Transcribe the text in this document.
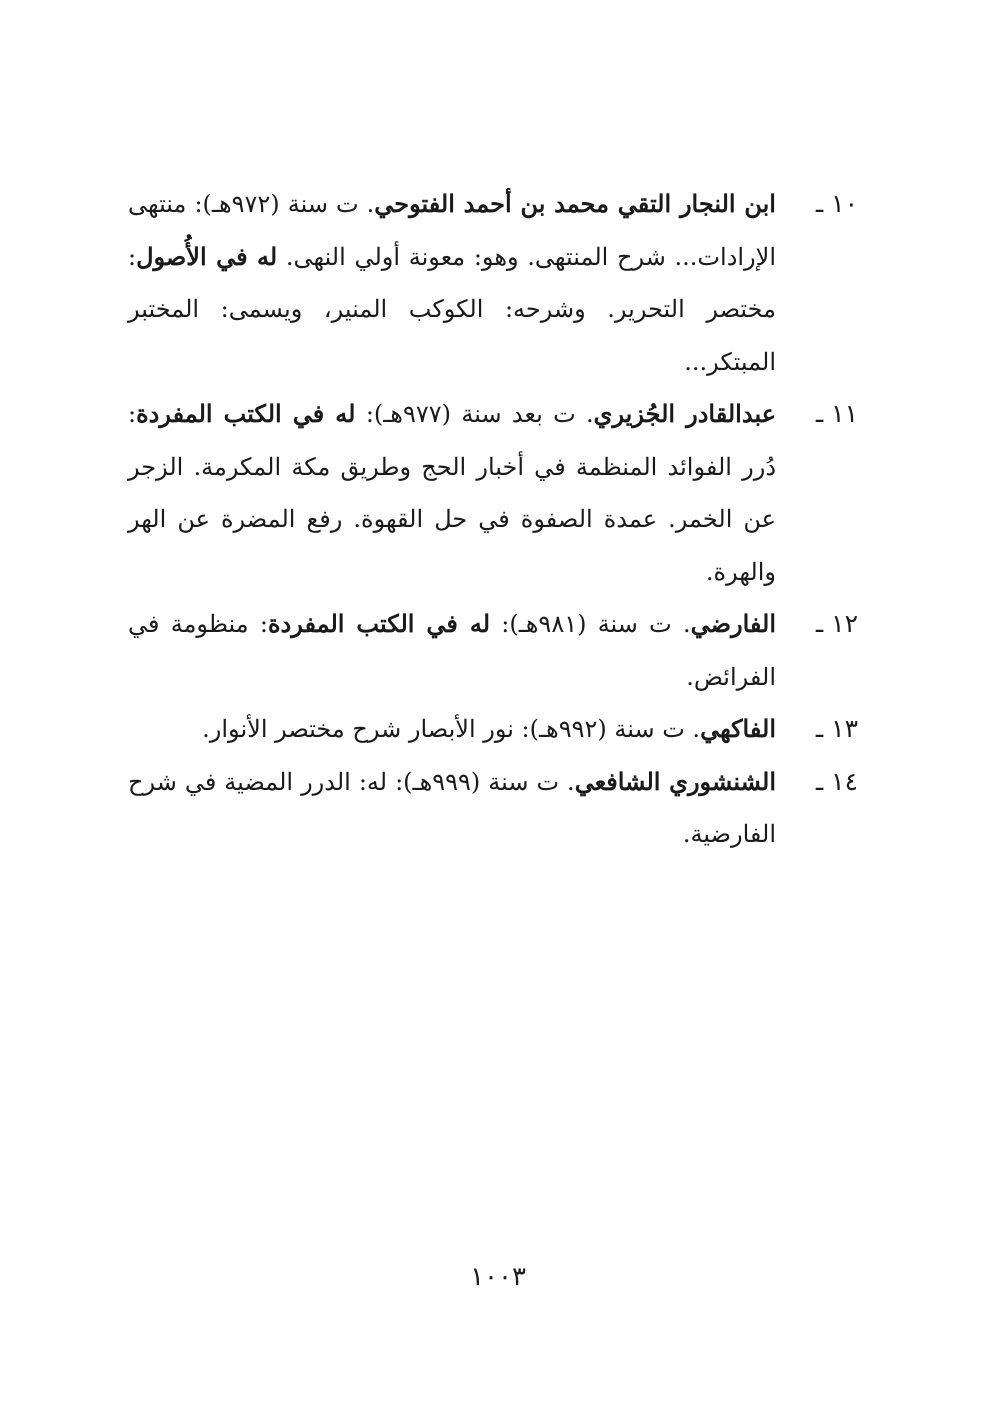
١٠ ـ
ابن النجار التقي محمد بن أحمد الفتوحي. ت سنة (٩٧٢هـ): منتهى الإرادات... شرح المنتهى. وهو: معونة أولي النهى. له في الأُصول: مختصر التحرير. وشرحه: الكوكب المنير، ويسمى: المختبر المبتكر...
١١ ـ
عبدالقادر الجُزيري. ت بعد سنة (٩٧٧هـ): له في الكتب المفردة: دُرر الفوائد المنظمة في أخبار الحج وطريق مكة المكرمة. الزجر عن الخمر. عمدة الصفوة في حل القهوة. رفع المضرة عن الهر والهرة.
١٢ ـ
الفارضي. ت سنة (٩٨١هـ): له في الكتب المفردة: منظومة في الفرائض.
١٣ ـ
الفاكهي. ت سنة (٩٩٢هـ): نور الأبصار شرح مختصر الأنوار.
١٤ ـ
الشنشوري الشافعي. ت سنة (٩٩٩هـ): له: الدرر المضية في شرح الفارضية.
١٠٠٣
